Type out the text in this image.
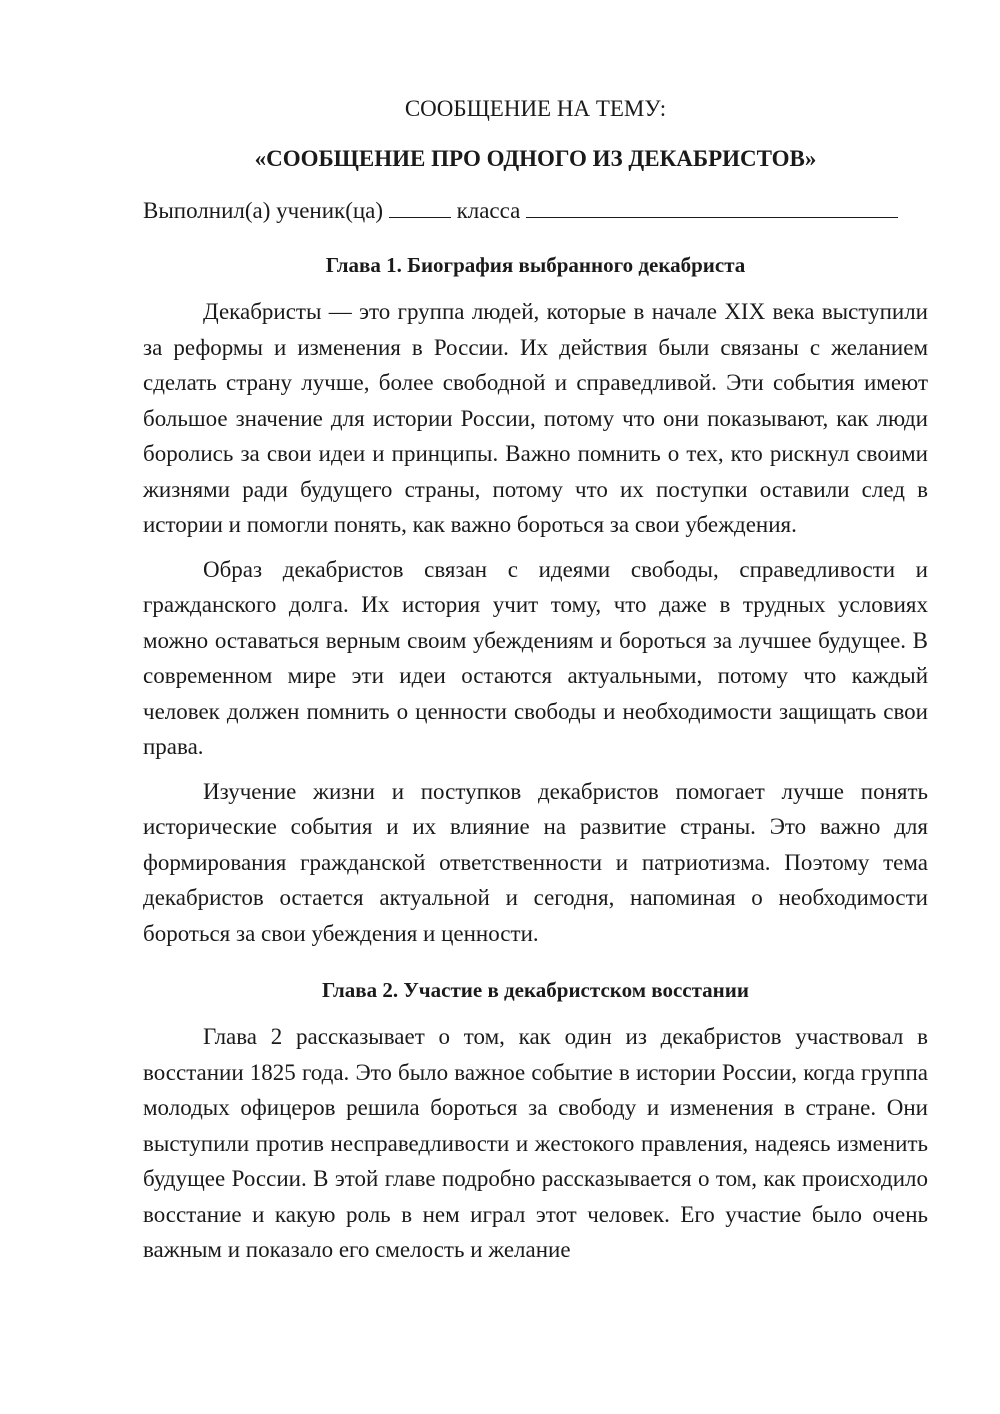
СООБЩЕНИЕ НА ТЕМУ:

«СООБЩЕНИЕ ПРО ОДНОГО ИЗ ДЕКАБРИСТОВ»

Выполнил(а) ученик(ца)	класса

Глава 1. Биография выбранного декабриста

Декабристы — это группа людей, которые в начале XIX века выступили за реформы и изменения в России. Их действия были связаны с желанием сделать страну лучше, более свободной и справедливой. Эти события имеют большое значение для истории России, потому что они показывают, как люди боролись за свои идеи и принципы. Важно помнить о тех, кто рискнул своими жизнями ради будущего страны, потому что их поступки оставили след в истории и помогли понять, как важно бороться за свои убеждения.

Образ декабристов связан с идеями свободы, справедливости и гражданского долга. Их история учит тому, что даже в трудных условиях можно оставаться верным своим убеждениям и бороться за лучшее будущее. В современном мире эти идеи остаются актуальными, потому что каждый человек должен помнить о ценности свободы и необходимости защищать свои права.

Изучение жизни и поступков декабристов помогает лучше понять исторические события и их влияние на развитие страны. Это важно для формирования гражданской ответственности и патриотизма. Поэтому тема декабристов остается актуальной и сегодня, напоминая о необходимости бороться за свои убеждения и ценности.

Глава 2. Участие в декабристском восстании

Глава 2 рассказывает о том, как один из декабристов участвовал в восстании 1825 года. Это было важное событие в истории России, когда группа молодых офицеров решила бороться за свободу и изменения в стране. Они выступили против несправедливости и жестокого правления, надеясь изменить будущее России. В этой главе подробно рассказывается о том, как происходило восстание и какую роль в нем играл этот человек. Его участие было очень важным и показало его смелость и желание
